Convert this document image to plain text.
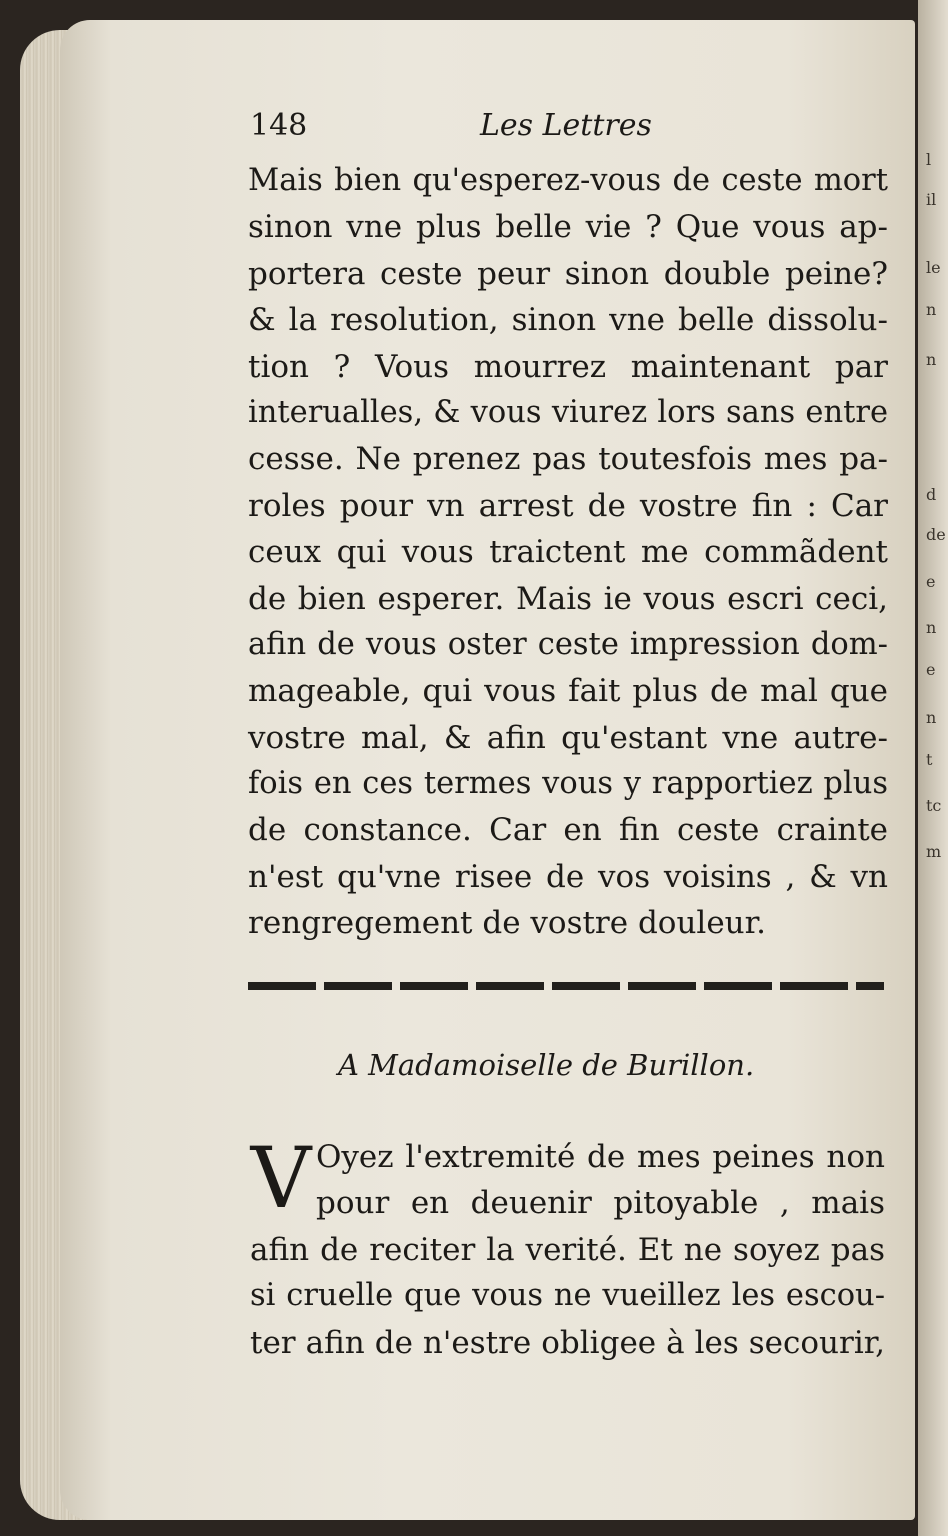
l
il
le
n
n
d
de
e
n
e
n
t
tc
m
148	Les Lettres
Mais bien qu'esperez-vous de ceste mort
sinon vne plus belle vie ? Que vous ap-
portera ceste peur sinon double peine?
& la resolution, sinon vne belle dissolu-
tion ? Vous mourrez maintenant par
interualles, & vous viurez lors sans entre
cesse. Ne prenez pas toutesfois mes pa-
roles pour vn arrest de vostre fin : Car
ceux qui vous traictent me commãdent
de bien esperer. Mais ie vous escri ceci,
afin de vous oster ceste impression dom-
mageable, qui vous fait plus de mal que
vostre mal, & afin qu'estant vne autre-
fois en ces termes vous y rapportiez plus
de constance. Car en fin ceste crainte
n'est qu'vne risee de vos voisins , & vn
rengregement de vostre douleur.
A Madamoiselle de Burillon.
V Oyez l'extremité de mes peines non
pour en deuenir pitoyable , mais
afin de reciter la verité. Et ne soyez pas
si cruelle que vous ne vueillez les escou-
ter afin de n'estre obligee à les secourir,
